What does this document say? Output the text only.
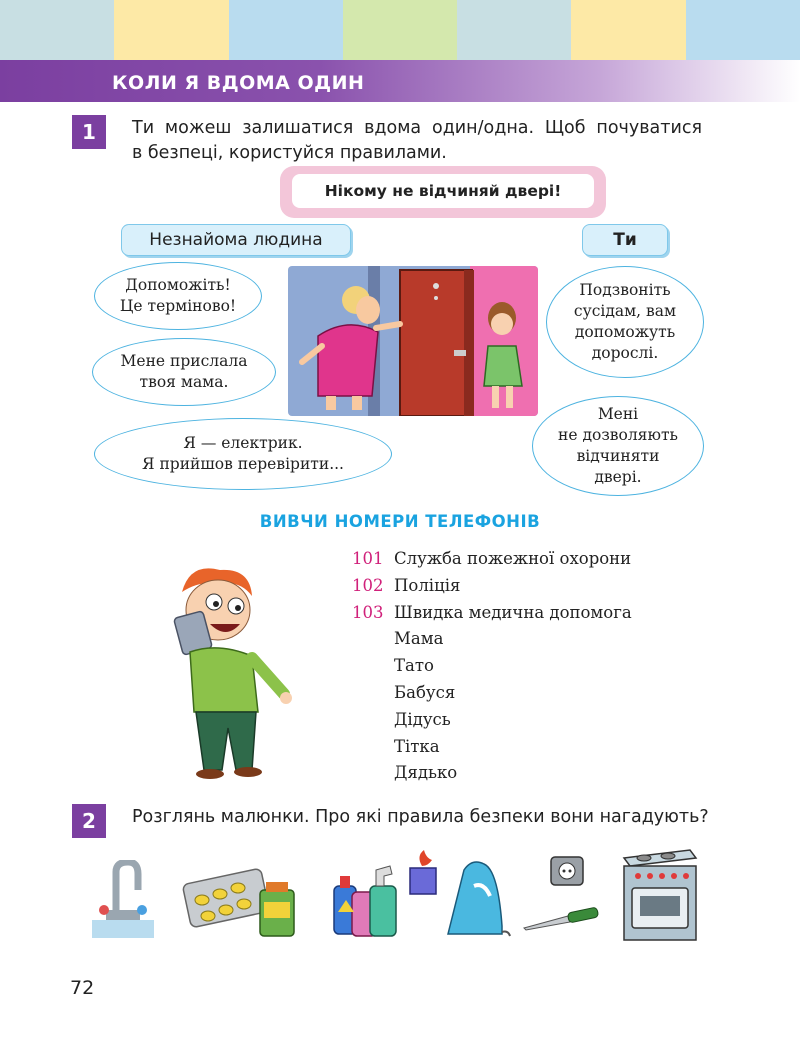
КОЛИ Я ВДОМА ОДИН
1	Ти можеш залишатися вдома один/одна. Щоб почуватися
в безпеці, користуйся правилами.
Нікому не відчиняй двері!
Незнайома людина	Ти
Допоможіть!
Це терміново!
Мене прислала
твоя мама.
Я — електрик.
Я прийшов перевірити...
Подзвоніть
сусідам, вам
допоможуть
дорослі.
Мені
не дозволяють
відчиняти
двері.
ВИВЧИ НОМЕРИ ТЕЛЕФОНІВ
101 Служба пожежної охорони
102 Поліція
103 Швидка медична допомога
Мама
Тато
Бабуся
Дідусь
Тітка
Дядько
2	Розглянь малюнки. Про які правила безпеки вони нагадують?
72
